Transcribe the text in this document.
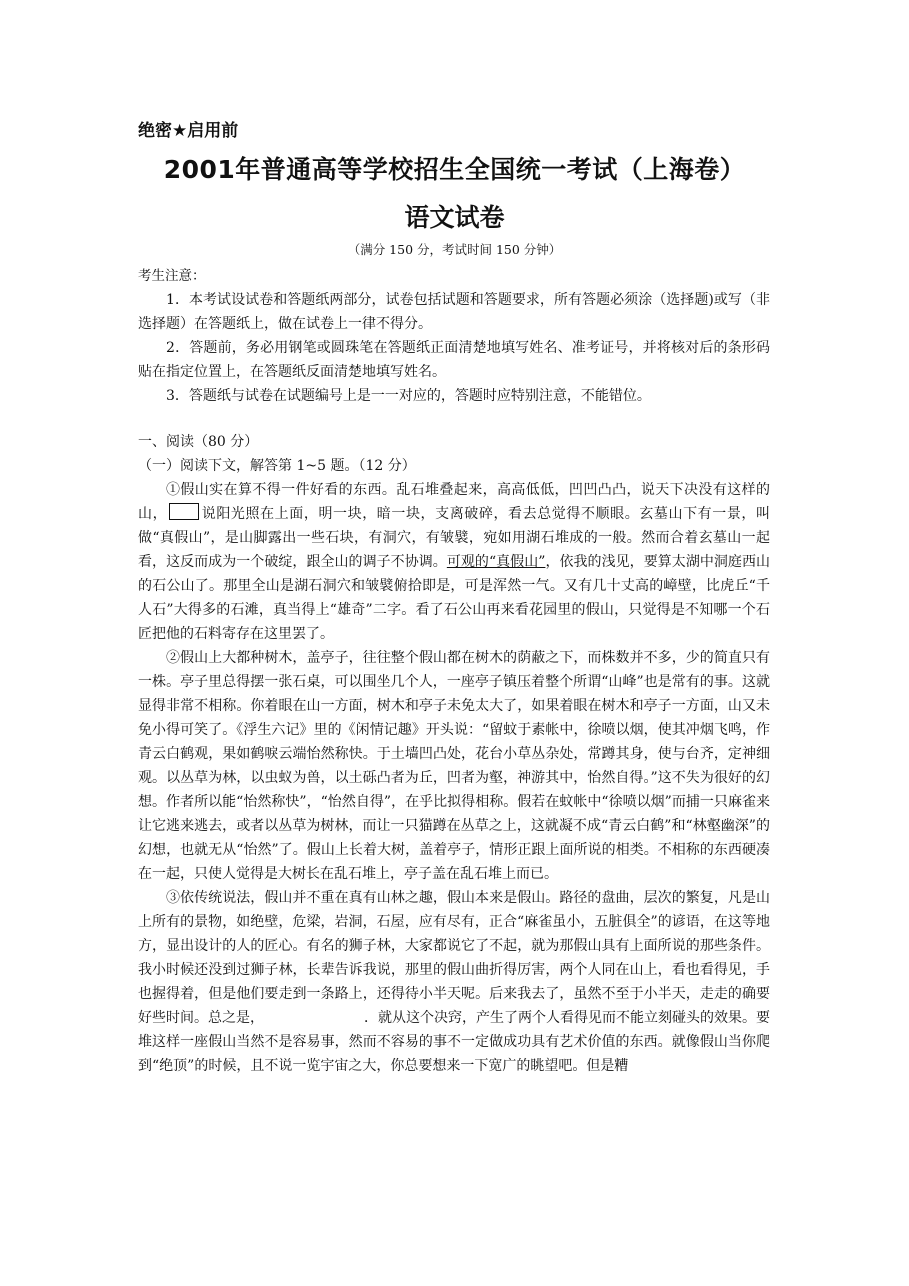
绝密★启用前
2001年普通高等学校招生全国统一考试（上海卷）
语文试卷
（满分 150 分，考试时间 150 分钟）
考生注意：

1．本考试设试卷和答题纸两部分，试卷包括试题和答题要求，所有答题必须涂（选择题)或写（非选择题）在答题纸上，做在试卷上一律不得分。

2．答题前，务必用钢笔或圆珠笔在答题纸正面清楚地填写姓名、准考证号，并将核对后的条形码贴在指定位置上，在答题纸反面清楚地填写姓名。

3．答题纸与试卷在试题编号上是一一对应的，答题时应特别注意，不能错位。

一、阅读（80 分）
（一）阅读下文，解答第 1~5 题。（12 分）

①假山实在算不得一件好看的东西。乱石堆叠起来，高高低低，凹凹凸凸，说天下决没有这样的山， 说阳光照在上面，明一块，暗一块，支离破碎，看去总觉得不顺眼。玄墓山下有一景，叫做“真假山”，是山脚露出一些石块，有洞穴，有皱襞，宛如用湖石堆成的一般。然而合着玄墓山一起看，这反而成为一个破绽，跟全山的调子不协调。可观的“真假山”，依我的浅见，要算太湖中洞庭西山的石公山了。那里全山是湖石洞穴和皱襞俯拾即是，可是浑然一气。又有几十丈高的嶂壁，比虎丘“千人石”大得多的石滩，真当得上“雄奇”二字。看了石公山再来看花园里的假山，只觉得是不知哪一个石匠把他的石料寄存在这里罢了。

②假山上大都种树木，盖亭子，往往整个假山都在树木的荫蔽之下，而株数并不多，少的简直只有一株。亭子里总得摆一张石桌，可以围坐几个人，一座亭子镇压着整个所谓“山峰”也是常有的事。这就显得非常不相称。你着眼在山一方面，树木和亭子未免太大了，如果着眼在树木和亭子一方面，山又未免小得可笑了。《浮生六记》里的《闲情记趣》开头说：“留蚊于素帐中，徐喷以烟，使其冲烟飞鸣，作青云白鹤观，果如鹤唳云端怡然称快。于土墙凹凸处，花台小草丛杂处，常蹲其身，使与台齐，定神细观。以丛草为林，以虫蚁为兽，以土砾凸者为丘，凹者为壑，神游其中，怡然自得。”这不失为很好的幻想。作者所以能“怡然称快”，“怡然自得”，在乎比拟得相称。假若在蚊帐中“徐喷以烟”而捕一只麻雀来让它逃来逃去，或者以丛草为树林，而让一只猫蹲在丛草之上，这就凝不成“青云白鹤”和“林壑幽深”的幻想，也就无从“怡然”了。假山上长着大树，盖着亭子，情形正跟上面所说的相类。不相称的东西硬凑在一起，只使人觉得是大树长在乱石堆上，亭子盖在乱石堆上而已。

③依传统说法，假山并不重在真有山林之趣，假山本来是假山。路径的盘曲，层次的繁复，凡是山上所有的景物，如绝壁，危梁，岩洞，石屋，应有尽有，正合“麻雀虽小，五脏俱全”的谚语，在这等地方，显出设计的人的匠心。有名的狮子林，大家都说它了不起，就为那假山具有上面所说的那些条件。我小时候还没到过狮子林，长辈告诉我说，那里的假山曲折得厉害，两个人同在山上，看也看得见，手也握得着，但是他们要走到一条路上，还得待小半天呢。后来我去了，虽然不至于小半天，走走的确要好些时间。总之是，	．就从这个决窍，产生了两个人看得见而不能立刻碰头的效果。要堆这样一座假山当然不是容易事，然而不容易的事不一定做成功具有艺术价值的东西。就像假山当你爬到“绝顶”的时候，且不说一览宇宙之大，你总要想来一下宽广的眺望吧。但是糟
